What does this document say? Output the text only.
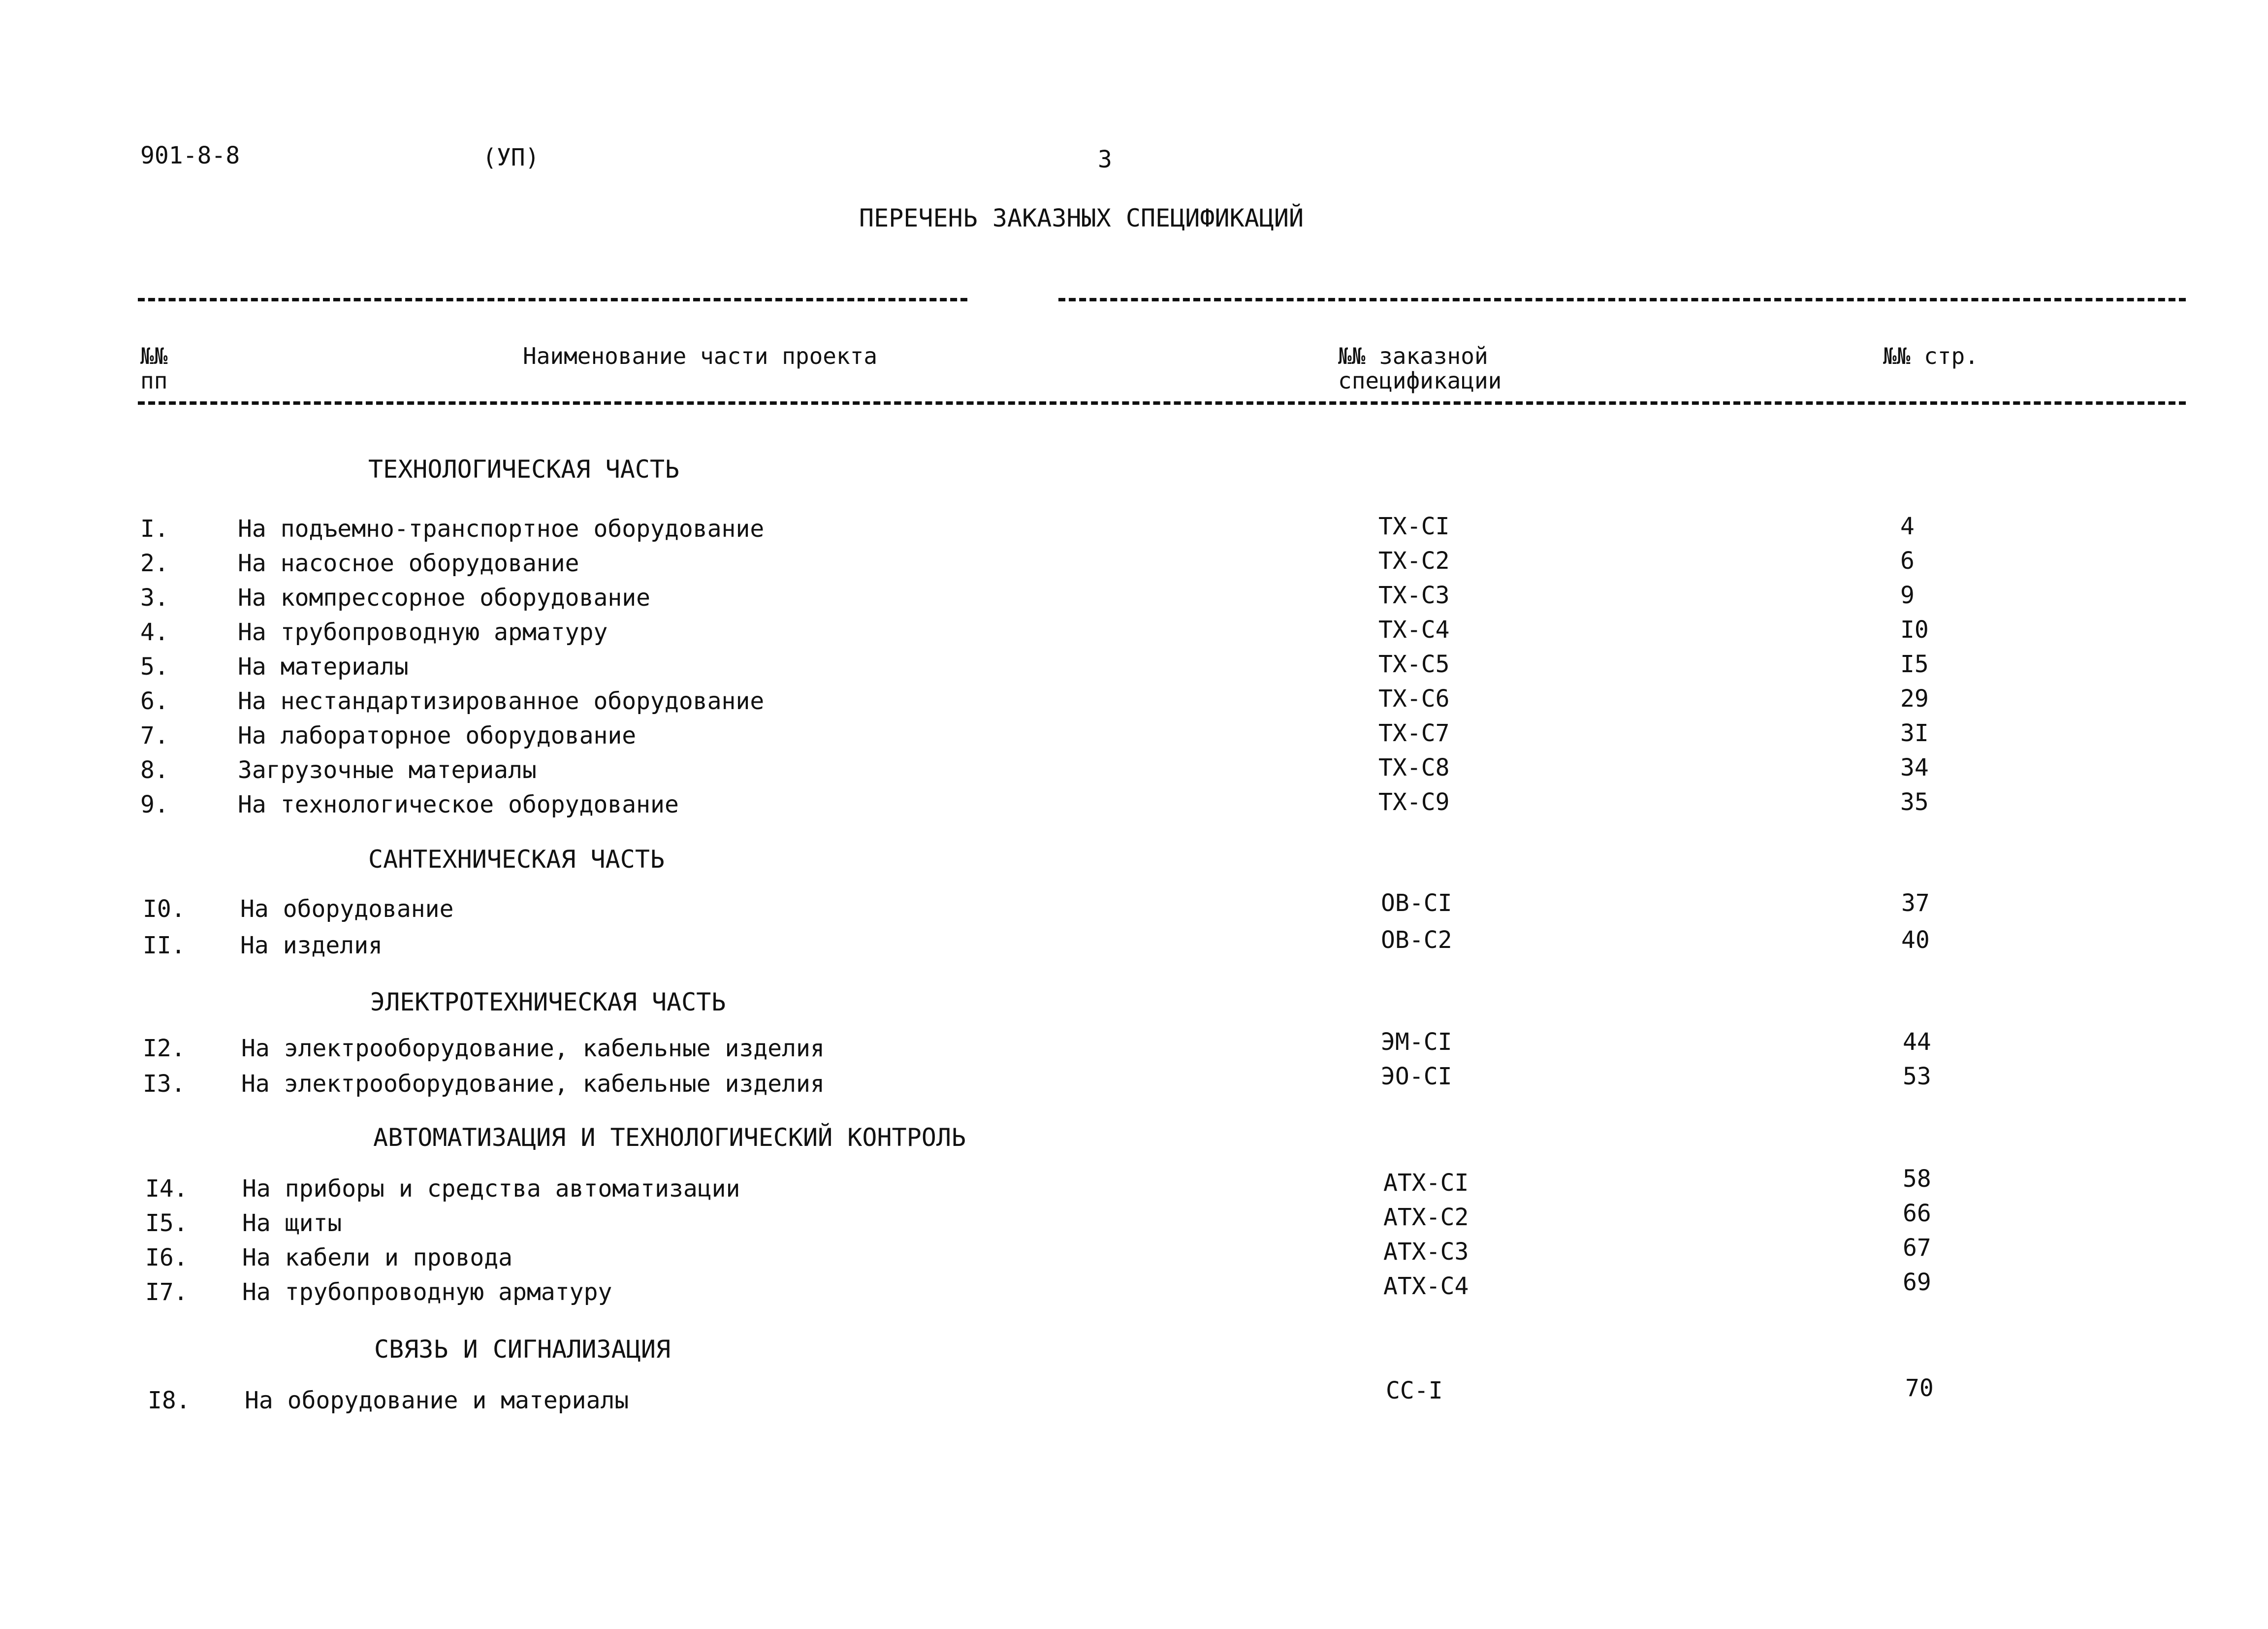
901-8-8	(УП)	3
ПЕРЕЧЕНЬ ЗАКАЗНЫХ СПЕЦИФИКАЦИЙ
№№
пп
Наименование части проекта	№№ заказной
спецификации
№№ стр.
ТЕХНОЛОГИЧЕСКАЯ ЧАСТЬ
I.	На подъемно-транспортное оборудование	ТХ-СI	4
2.	На насосное оборудование	ТХ-С2	6
3.	На компрессорное оборудование	ТХ-С3	9
4.	На трубопроводную арматуру	ТХ-С4	I0
5.	На материалы	ТХ-С5	I5
6.	На нестандартизированное оборудование	ТХ-С6	29
7.	На лабораторное оборудование	ТХ-С7	3I
8.	Загрузочные материалы	ТХ-С8	34
9.	На технологическое оборудование	ТХ-С9	35
САНТЕХНИЧЕСКАЯ ЧАСТЬ
I0. На оборудование	ОВ-СI	37
II. На изделия	ОВ-С2	40
ЭЛЕКТРОТЕХНИЧЕСКАЯ ЧАСТЬ
I2. На электрооборудование, кабельные изделия	ЭМ-СI	44
I3. На электрооборудование, кабельные изделия	ЭО-СI	53
АВТОМАТИЗАЦИЯ И ТЕХНОЛОГИЧЕСКИЙ КОНТРОЛЬ
I4. На приборы и средства автоматизации	АТХ-СI	58
I5. На щиты	АТХ-С2	66
I6. На кабели и провода	АТХ-С3	67
I7. На трубопроводную арматуру	АТХ-С4	69
СВЯЗЬ И СИГНАЛИЗАЦИЯ
I8. На оборудование и материалы	СС-I	70
